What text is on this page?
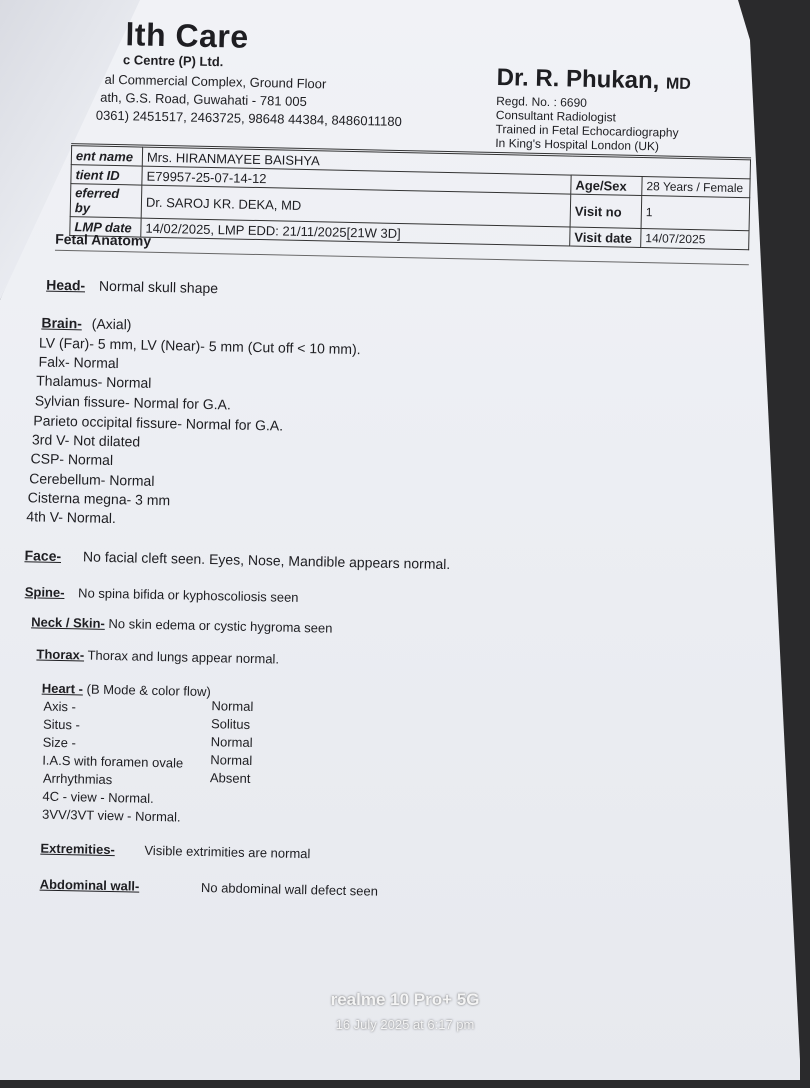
lth Care
c Centre (P) Ltd.
al Commercial Complex, Ground Floor
ath, G.S. Road, Guwahati - 781 005
0361) 2451517, 2463725, 98648 44384, 8486011180
Dr. R. Phukan, MD
Regd. No. : 6690
Consultant Radiologist
Trained in Fetal Echocardiography
In King's Hospital London (UK)
ent name	Mrs. HIRANMAYEE BAISHYA		
tient ID	E79957-25-07-14-12	Age/Sex	28 Years / Female
eferred by	Dr. SAROJ KR. DEKA, MD	Visit no	1
LMP date	14/02/2025, LMP EDD: 21/11/2025[21W 3D]	Visit date	14/07/2025
Fetal Anatomy
Head- Normal skull shape
Brain- (Axial)
LV (Far)- 5 mm, LV (Near)- 5 mm (Cut off < 10 mm).
Falx- Normal
Thalamus- Normal
Sylvian fissure- Normal for G.A.
Parieto occipital fissure- Normal for G.A.
3rd V- Not dilated
CSP- Normal
Cerebellum- Normal
Cisterna megna- 3 mm
4th V- Normal.
Face- No facial cleft seen. Eyes, Nose, Mandible appears normal.
Spine- No spina bifida or kyphoscoliosis seen
Neck / Skin- No skin edema or cystic hygroma seen
Thorax- Thorax and lungs appear normal.
Heart - (B Mode & color flow)
Axis -	Normal
Situs -	Solitus
Size -	Normal
I.A.S with foramen ovale Normal
Arrhythmias	Absent
4C - view - Normal.
3VV/3VT view - Normal.
Extremities- Visible extrimities are normal
Abdominal wall-	No abdominal wall defect seen
realme 10 Pro+ 5G
16 July 2025 at 6:17 pm
